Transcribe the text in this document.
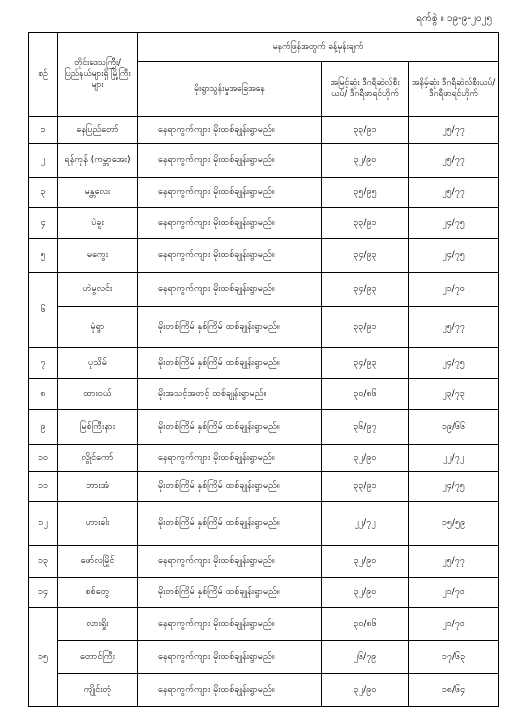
ရက်စွဲ ။ ၁၉-၉-၂၀၂၅
စဉ်	တိုင်းဒေသကြီး/ ပြည်နယ်များရှိ မြို့ကြီးများ	မနက်ဖြန်အတွက် ခန့်မှန်းချက်		
		မိုးရွာသွန်းမှုအခြေအနေ	အမြင့်ဆုံး ဒီဂရီဆဲလ်စီးယပ်/ ဒီဂရီဖာရင်ဟိုက်	အနိမ့်ဆုံး ဒီဂရီဆဲလ်စီးယပ်/ ဒီဂရီဖာရင်ဟိုက်
၁	နေပြည်တော်	နေရာကွက်ကျား မိုးထစ်ချုန်းရွာမည်။	၃၃/၉၁	၂၅/၇၇
၂	ရန်ကုန် (ကမ္ဘာအေး)	နေရာကွက်ကျား မိုးထစ်ချုန်းရွာမည်။	၃၂/၉၀	၂၅/၇၇
၃	မန္တလေး	နေရာကွက်ကျား မိုးထစ်ချုန်းရွာမည်။	၃၅/၉၅	၂၅/၇၇
၄	ပဲခူး	နေရာကွက်ကျား မိုးထစ်ချုန်းရွာမည်။	၃၃/၉၁	၂၄/၇၅
၅	မကွေး	နေရာကွက်ကျား မိုးထစ်ချုန်းရွာမည်။	၃၄/၉၃	၂၄/၇၅
၆	ဟဲမွလင်း	နေရာကွက်ကျား မိုးထစ်ချုန်းရွာမည်။	၃၄/၉၃	၂၁/၇၀
	မုံရွာ	မိုးတစ်ကြိမ် နှစ်ကြိမ် ထစ်ချုန်းရွာမည်။	၃၃/၉၁	၂၅/၇၇
၇	ပုသိမ်	မိုးတစ်ကြိမ် နှစ်ကြိမ် ထစ်ချုန်းရွာမည်။	၃၄/၉၃	၂၄/၇၅
၈	ထားဝယ်	မိုးအသင့်အတင့် ထစ်ချုန်းရွာမည်။	၃၀/၈၆	၂၃/၇၃
၉	မြစ်ကြီးနား	မိုးတစ်ကြိမ် နှစ်ကြိမ် ထစ်ချုန်းရွာမည်။	၃၆/၉၇	၁၉/၆၆
၁၀	လွိုင်ကော်	နေရာကွက်ကျား မိုးထစ်ချုန်းရွာမည်။	၃၂/၉၀	၂၂/၇၂
၁၁	ဘားအံ	မိုးတစ်ကြိမ် နှစ်ကြိမ် ထစ်ချုန်းရွာမည်။	၃၃/၉၁	၂၄/၇၅
၁၂	ဟားခါး	မိုးတစ်ကြိမ် နှစ်ကြိမ် ထစ်ချုန်းရွာမည်။	၂၂/၇၂	၁၅/၅၉
၁၃	ဖော်လမြိုင်	နေရာကွက်ကျား မိုးထစ်ချုန်းရွာမည်။	၃၂/၉၀	၂၅/၇၇
၁၄	စစ်တွေ	မိုးတစ်ကြိမ် နှစ်ကြိမ် ထစ်ချုန်းရွာမည်။	၃၂/၉၀	၂၁/၇၀
၁၅	လားရှိုး	နေရာကွက်ကျား မိုးထစ်ချုန်းရွာမည်။	၃၀/၈၆	၂၁/၇၀
	တောင်ကြီး	နေရာကွက်ကျား မိုးထစ်ချုန်းရွာမည်။	၂၆/၇၉	၁၇/၆၃
	ကျိုင်းတုံ	နေရာကွက်ကျား မိုးထစ်ချုန်းရွာမည်။	၃၂/၉၀	၁၈/၆၄
